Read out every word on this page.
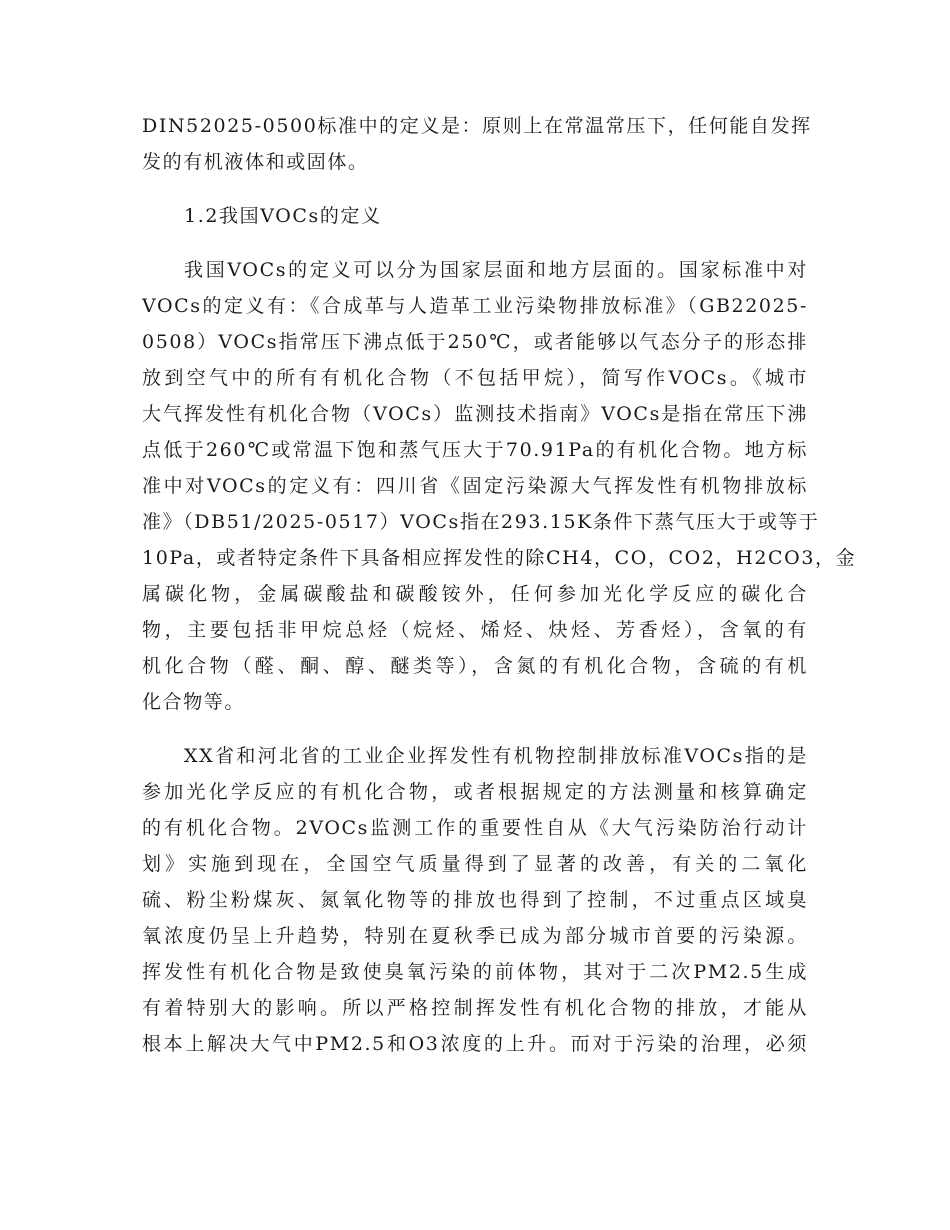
DIN52025-0500标准中的定义是：原则上在常温常压下，任何能自发挥
发的有机液体和或固体。
1.2我国VOCs的定义
我国VOCs的定义可以分为国家层面和地方层面的。国家标准中对
VOCs的定义有：《合成革与人造革工业污染物排放标准》（GB22025-
0508）VOCs指常压下沸点低于250℃，或者能够以气态分子的形态排
放到空气中的所有有机化合物（不包括甲烷），简写作VOCs。《城市
大气挥发性有机化合物（VOCs）监测技术指南》VOCs是指在常压下沸
点低于260℃或常温下饱和蒸气压大于70.91Pa的有机化合物。地方标
准中对VOCs的定义有：四川省《固定污染源大气挥发性有机物排放标
准》（DB51/2025-0517）VOCs指在293.15K条件下蒸气压大于或等于
10Pa，或者特定条件下具备相应挥发性的除CH4，CO，CO2，H2CO3，金
属碳化物，金属碳酸盐和碳酸铵外，任何参加光化学反应的碳化合
物，主要包括非甲烷总烃（烷烃、烯烃、炔烃、芳香烃），含氧的有
机化合物（醛、酮、醇、醚类等），含氮的有机化合物，含硫的有机
化合物等。
XX省和河北省的工业企业挥发性有机物控制排放标准VOCs指的是
参加光化学反应的有机化合物，或者根据规定的方法测量和核算确定
的有机化合物。2VOCs监测工作的重要性自从《大气污染防治行动计
划》实施到现在，全国空气质量得到了显著的改善，有关的二氧化
硫、粉尘粉煤灰、氮氧化物等的排放也得到了控制，不过重点区域臭
氧浓度仍呈上升趋势，特别在夏秋季已成为部分城市首要的污染源。
挥发性有机化合物是致使臭氧污染的前体物，其对于二次PM2.5生成
有着特别大的影响。所以严格控制挥发性有机化合物的排放，才能从
根本上解决大气中PM2.5和O3浓度的上升。而对于污染的治理，必须
